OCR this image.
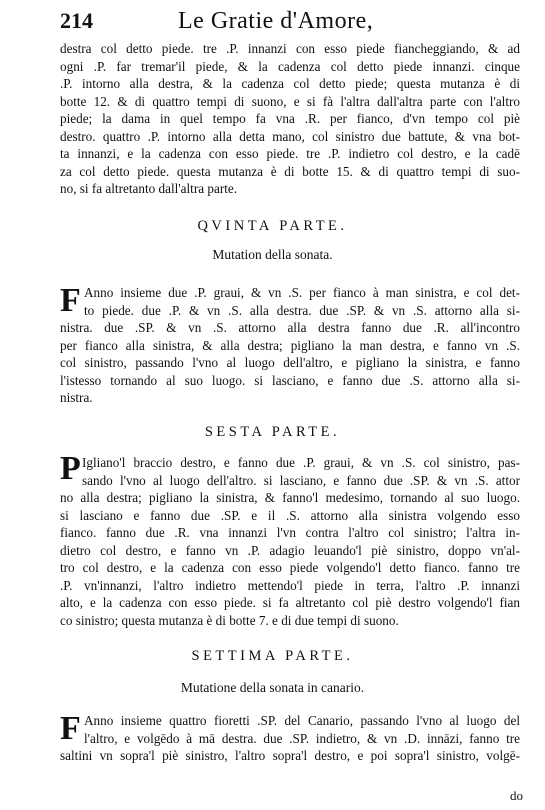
214	Le Gratie d'Amore,
destra col detto piede. tre .P. innanzi con esso piede fiancheggiando, & ad
ogni .P. far tremar'il piede, & la cadenza col detto piede innanzi. cinque
.P. intorno alla destra, & la cadenza col detto piede; questa mutanza è di
botte 12. & di quattro tempi di suono, e si fà l'altra dall'altra parte con l'altro
piede; la dama in quel tempo fa vna .R. per fianco, d'vn tempo col piè
destro. quattro .P. intorno alla detta mano, col sinistro due battute, & vna bot-
ta innanzi, e la cadenza con esso piede. tre .P. indietro col destro, e la cadē
za col detto piede. questa mutanza è di botte 15. & di quattro tempi di suo-
no, si fa altretanto dall'altra parte.
QVINTA PARTE.
Mutation della sonata.
F Anno insieme due .P. graui, & vn .S. per fianco à man sinistra, e col det-
to piede. due .P. & vn .S. alla destra. due .SP. & vn .S. attorno alla si-
nistra. due .SP. & vn .S. attorno alla destra fanno due .R. all'incontro
per fianco alla sinistra, & alla destra; pigliano la man destra, e fanno vn .S.
col sinistro, passando l'vno al luogo dell'altro, e pigliano la sinistra, e fanno
l'istesso tornando al suo luogo. si lasciano, e fanno due .S. attorno alla si-
nistra.
SESTA PARTE.
P Igliano'l braccio destro, e fanno due .P. graui, & vn .S. col sinistro, pas-
sando l'vno al luogo dell'altro. si lasciano, e fanno due .SP. & vn .S. attor
no alla destra; pigliano la sinistra, & fanno'l medesimo, tornando al suo luogo.
si lasciano e fanno due .SP. e il .S. attorno alla sinistra volgendo esso
fianco. fanno due .R. vna innanzi l'vn contra l'altro col sinistro; l'altra in-
dietro col destro, e fanno vn .P. adagio leuando'l piè sinistro, doppo vn'al-
tro col destro, e la cadenza con esso piede volgendo'l detto fianco. fanno tre
.P. vn'innanzi, l'altro indietro mettendo'l piede in terra, l'altro .P. innanzi
alto, e la cadenza con esso piede. si fa altretanto col piè destro volgendo'l fian
co sinistro; questa mutanza è di botte 7. e di due tempi di suono.
SETTIMA PARTE.
Mutatione della sonata in canario.
F Anno insieme quattro fioretti .SP. del Canario, passando l'vno al luogo del
l'altro, e volgēdo à mā destra. due .SP. indietro, & vn .D. innāzi, fanno tre
saltini vn sopra'l piè sinistro, l'altro sopra'l destro, e poi sopra'l sinistro, volgē-
do
